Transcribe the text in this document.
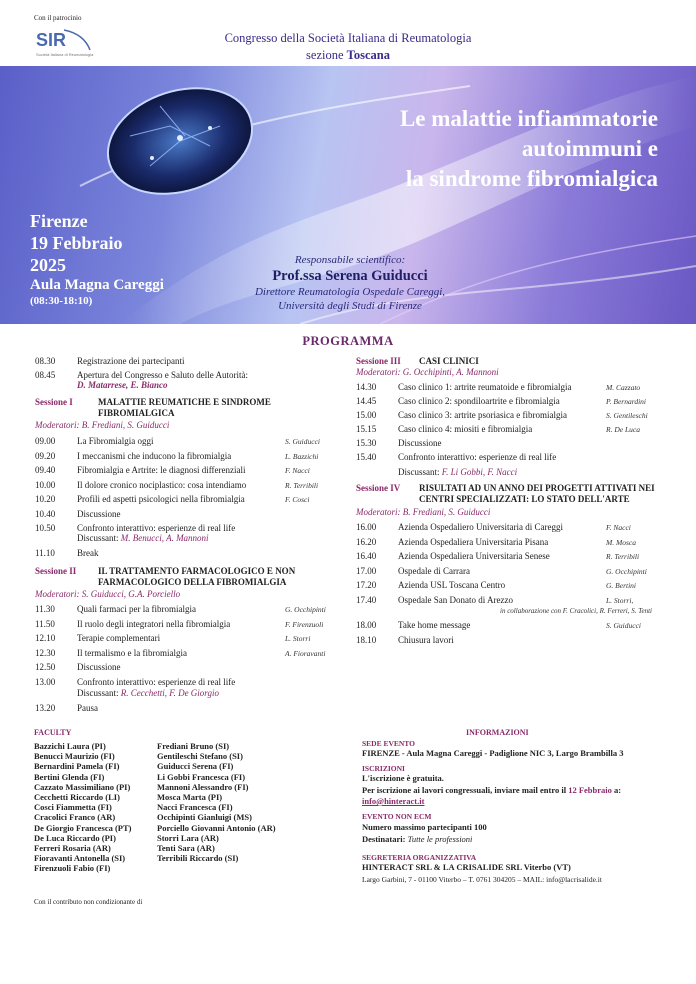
Con il patrocinio
SIR
Società Italiana di Reumatologia
Congresso della Società Italiana di Reumatologia
sezione Toscana
Le malattie infiammatorie
autoimmuni e
la sindrome fibromialgica
Firenze
19 Febbraio
2025
Aula Magna Careggi
(08:30-18:10)
Responsabile scientifico:
Prof.ssa Serena Guiducci
Direttore Reumatologia Ospedale Careggi,
Università degli Studi di Firenze
PROGRAMMA
08.30 Registrazione dei partecipanti
08.45 Apertura del Congresso e Saluto delle Autorità:
D. Matarrese, E. Bianco
Sessione I	MALATTIE REUMATICHE E SINDROME
FIBROMIALGICA
Moderatori: B. Frediani, S. Guiducci
09.00 La Fibromialgia oggi	S. Guiducci
09.20 I meccanismi che inducono la fibromialgia	L. Bazzichi
09.40 Fibromialgia e Artrite: le diagnosi differenziali	F. Nacci
10.00 Il dolore cronico nociplastico: cosa intendiamo	R. Terribili
10.20 Profili ed aspetti psicologici nella fibromialgia	F. Cosci
10.40 Discussione
10.50 Confronto interattivo: esperienze di real life
Discussant: M. Benucci, A. Mannoni
11.10 Break
Sessione II IL TRATTAMENTO FARMACOLOGICO E NON
FARMACOLOGICO DELLA FIBROMIALGIA
Moderatori: S. Guiducci, G.A. Porciello
11.30 Quali farmaci per la fibromialgia	G. Occhipinti
11.50 Il ruolo degli integratori nella fibromialgia	F. Firenzuoli
12.10 Terapie complementari	L. Storri
12.30 Il termalismo e la fibromialgia	A. Fioravanti
12.50 Discussione
13.00 Confronto interattivo: esperienze di real life
Discussant: R. Cecchetti, F. De Giorgio
13.20 Pausa
Sessione III CASI CLINICI
Moderatori: G. Occhipinti, A. Mannoni
14.30 Caso clinico 1: artrite reumatoide e fibromialgia	M. Cazzato
14.45 Caso clinico 2: spondiloartrite e fibromialgia	P. Bernardini
15.00 Caso clinico 3: artrite psoriasica e fibromialgia	S. Gentileschi
15.15 Caso clinico 4: miositi e fibromialgia	R. De Luca
15.30 Discussione
15.40 Confronto interattivo: esperienze di real life
Discussant: F. Li Gobbi, F. Nacci
Sessione IV RISULTATI AD UN ANNO DEI PROGETTI ATTIVATI NEI
CENTRI SPECIALIZZATI: LO STATO DELL'ARTE
Moderatori: B. Frediani, S. Guiducci
16.00 Azienda Ospedaliero Universitaria di Careggi	F. Nacci
16.20 Azienda Ospedaliera Universitaria Pisana	M. Mosca
16.40 Azienda Ospedaliera Universitaria Senese	R. Terribili
17.00 Ospedale di Carrara	G. Occhipinti
17.20 Azienda USL Toscana Centro	G. Bertini
17.40 Ospedale San Donato di Arezzo	L. Storri,
in collaborazione con F. Cracolici, R. Ferreri, S. Tenti
18.00 Take home message	S. Guiducci
18.10 Chiusura lavori
FACULTY
Bazzichi Laura (PI)
Benucci Maurizio (FI)
Bernardini Pamela (FI)
Bertini Glenda (FI)
Cazzato Massimiliano (PI)
Cecchetti Riccardo (LI)
Cosci Fiammetta (FI)
Cracolici Franco (AR)
De Giorgio Francesca (PT)
De Luca Riccardo (PI)
Ferreri Rosaria (AR)
Fioravanti Antonella (SI)
Firenzuoli Fabio (FI)
Frediani Bruno (SI)
Gentileschi Stefano (SI)
Guiducci Serena (FI)
Li Gobbi Francesca (FI)
Mannoni Alessandro (FI)
Mosca Marta (PI)
Nacci Francesca (FI)
Occhipinti Gianluigi (MS)
Porciello Giovanni Antonio (AR)
Storri Lara (AR)
Tenti Sara (AR)
Terribili Riccardo (SI)
INFORMAZIONI
SEDE EVENTO
FIRENZE - Aula Magna Careggi - Padiglione NIC 3, Largo Brambilla 3
ISCRIZIONI
L'iscrizione è gratuita.
Per iscrizione ai lavori congressuali, inviare mail entro il 12 Febbraio a:
info@hinteract.it
EVENTO NON ECM
Numero massimo partecipanti 100
Destinatari: Tutte le professioni
SEGRETERIA ORGANIZZATIVA
HINTERACT SRL & LA CRISALIDE SRL Viterbo (VT)
Largo Garbini, 7 - 01100 Viterbo – T. 0761 304205 – MAIL: info@lacrisalide.it
Con il contributo non condizionante di
